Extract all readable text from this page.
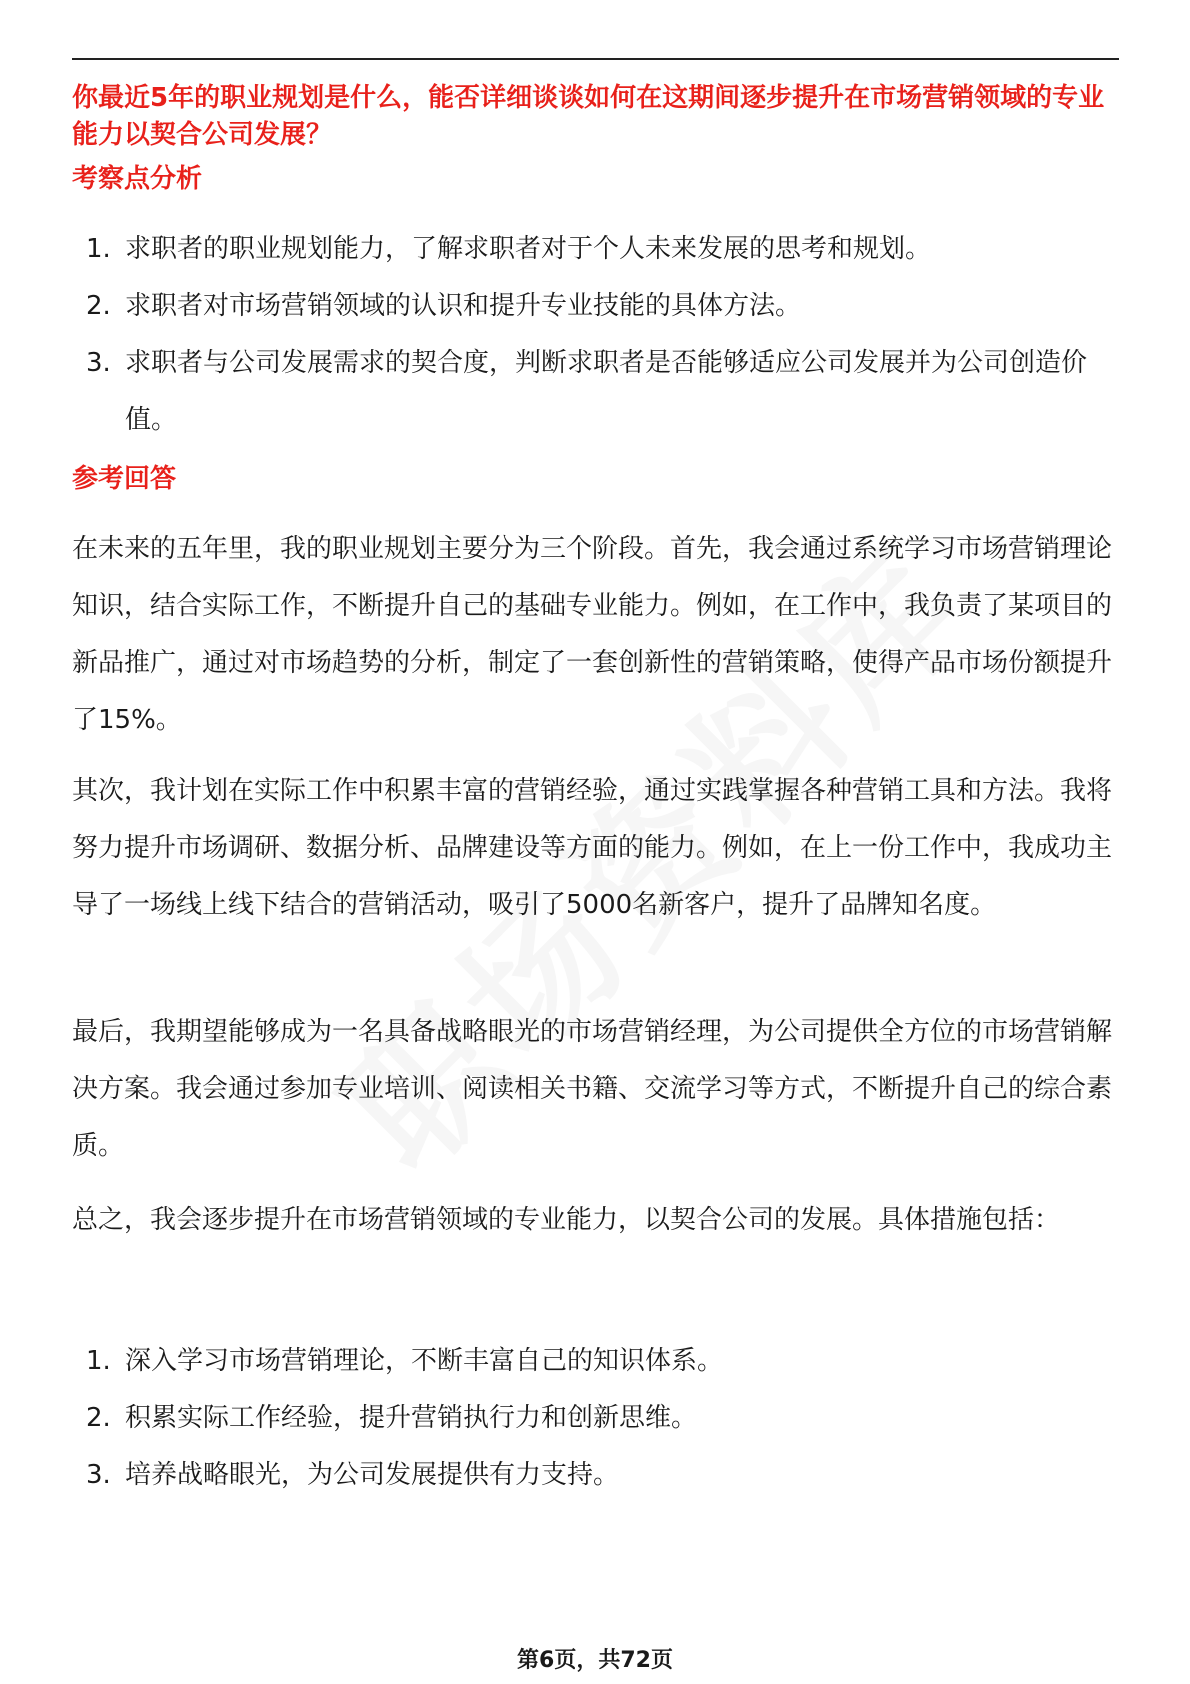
你最近5年的职业规划是什么，能否详细谈谈如何在这期间逐步提升在市场营销领域的专业能力以契合公司发展？
考察点分析
1. 求职者的职业规划能力，了解求职者对于个人未来发展的思考和规划。
2. 求职者对市场营销领域的认识和提升专业技能的具体方法。
3. 求职者与公司发展需求的契合度，判断求职者是否能够适应公司发展并为公司创造价值。
参考回答

在未来的五年里，我的职业规划主要分为三个阶段。首先，我会通过系统学习市场营销理论知识，结合实际工作，不断提升自己的基础专业能力。例如，在工作中，我负责了某项目的新品推广，通过对市场趋势的分析，制定了一套创新性的营销策略，使得产品市场份额提升了15%。

其次，我计划在实际工作中积累丰富的营销经验，通过实践掌握各种营销工具和方法。我将努力提升市场调研、数据分析、品牌建设等方面的能力。例如，在上一份工作中，我成功主导了一场线上线下结合的营销活动，吸引了5000名新客户，提升了品牌知名度。

最后，我期望能够成为一名具备战略眼光的市场营销经理，为公司提供全方位的市场营销解决方案。我会通过参加专业培训、阅读相关书籍、交流学习等方式，不断提升自己的综合素质。

总之，我会逐步提升在市场营销领域的专业能力，以契合公司的发展。具体措施包括：

1. 深入学习市场营销理论，不断丰富自己的知识体系。
2. 积累实际工作经验，提升营销执行力和创新思维。
3. 培养战略眼光，为公司发展提供有力支持。
第6页，共72页
